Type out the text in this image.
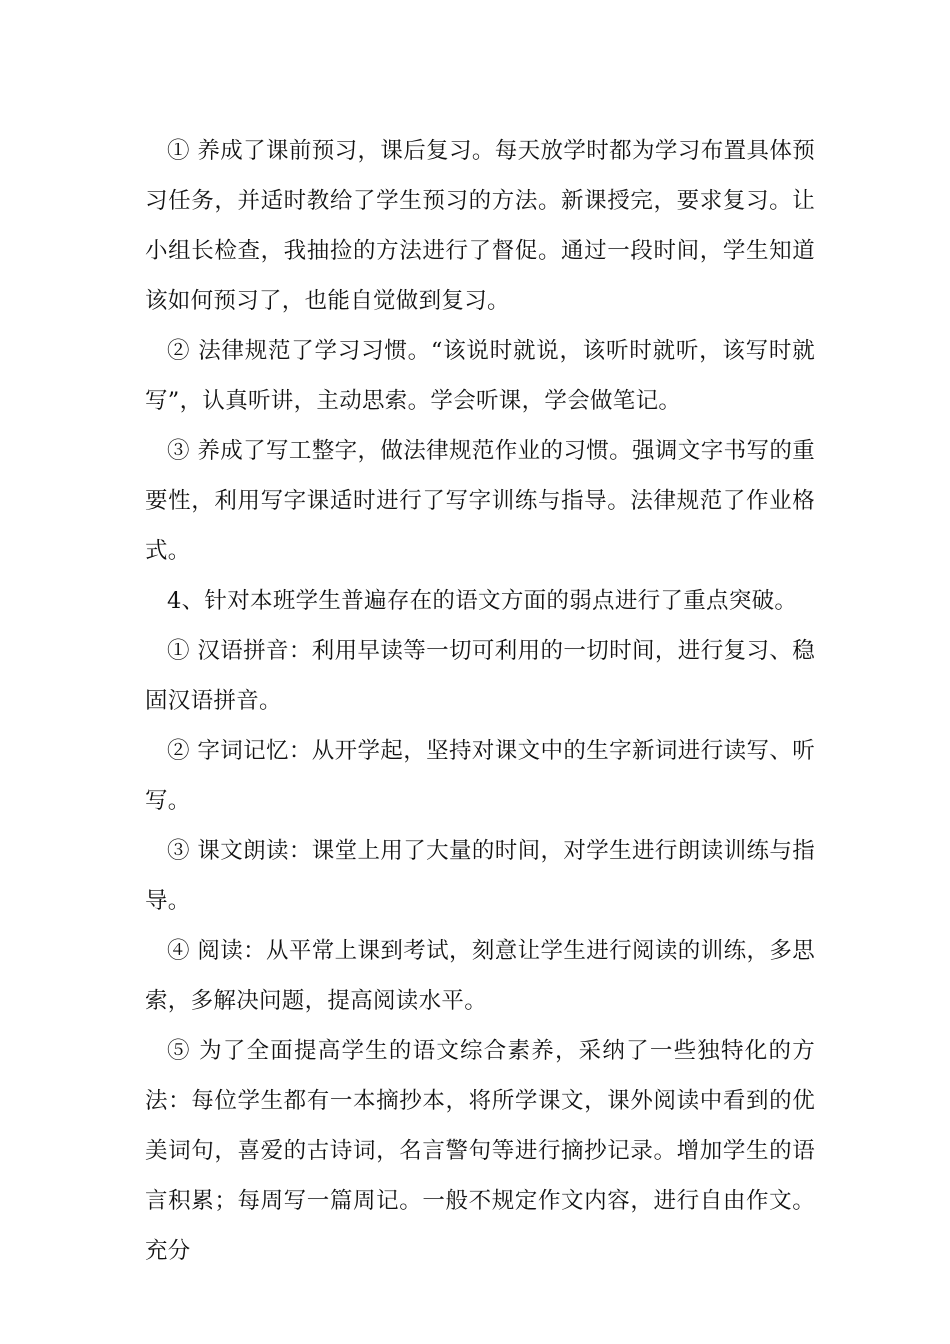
① 养成了课前预习，课后复习。每天放学时都为学习布置具体预习任务，并适时教给了学生预习的方法。新课授完，要求复习。让小组长检查，我抽捡的方法进行了督促。通过一段时间，学生知道该如何预习了，也能自觉做到复习。

② 法律规范了学习习惯。“该说时就说，该听时就听，该写时就写”，认真听讲，主动思索。学会听课，学会做笔记。

③ 养成了写工整字，做法律规范作业的习惯。强调文字书写的重要性，利用写字课适时进行了写字训练与指导。法律规范了作业格式。

4、针对本班学生普遍存在的语文方面的弱点进行了重点突破。

① 汉语拼音：利用早读等一切可利用的一切时间，进行复习、稳固汉语拼音。

② 字词记忆：从开学起，坚持对课文中的生字新词进行读写、听写。

③ 课文朗读：课堂上用了大量的时间，对学生进行朗读训练与指导。

④ 阅读：从平常上课到考试，刻意让学生进行阅读的训练，多思索，多解决问题，提高阅读水平。

⑤ 为了全面提高学生的语文综合素养，采纳了一些独特化的方法：每位学生都有一本摘抄本，将所学课文，课外阅读中看到的优美词句，喜爱的古诗词，名言警句等进行摘抄记录。增加学生的语言积累；每周写一篇周记。一般不规定作文内容，进行自由作文。充分
